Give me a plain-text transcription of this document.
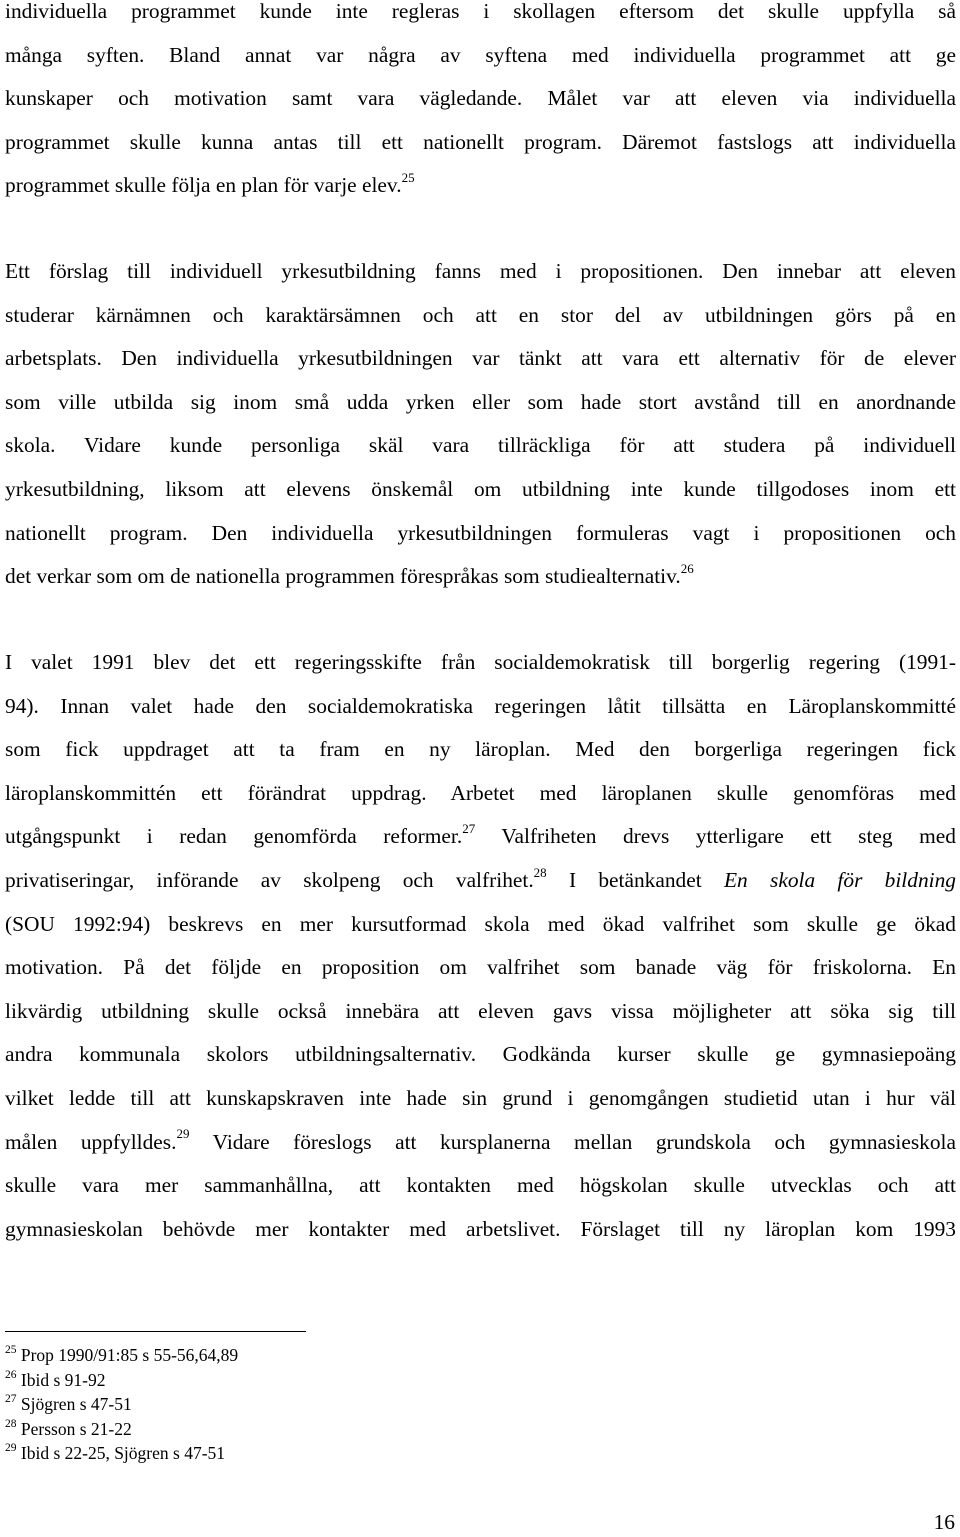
individuella programmet kunde inte regleras i skollagen eftersom det skulle uppfylla så
många syften. Bland annat var några av syftena med individuella programmet att ge
kunskaper och motivation samt vara vägledande. Målet var att eleven via individuella
programmet skulle kunna antas till ett nationellt program. Däremot fastslogs att individuella
programmet skulle följa en plan för varje elev.$^{25}$
Ett förslag till individuell yrkesutbildning fanns med i propositionen. Den innebar att eleven
studerar kärnämnen och karaktärsämnen och att en stor del av utbildningen görs på en
arbetsplats. Den individuella yrkesutbildningen var tänkt att vara ett alternativ för de elever
som ville utbilda sig inom små udda yrken eller som hade stort avstånd till en anordnande
skola. Vidare kunde personliga skäl vara tillräckliga för att studera på individuell
yrkesutbildning, liksom att elevens önskemål om utbildning inte kunde tillgodoses inom ett
nationellt program. Den individuella yrkesutbildningen formuleras vagt i propositionen och
det verkar som om de nationella programmen förespråkas som studiealternativ.$^{26}$
I valet 1991 blev det ett regeringsskifte från socialdemokratisk till borgerlig regering (1991-
94). Innan valet hade den socialdemokratiska regeringen låtit tillsätta en Läroplanskommitté
som fick uppdraget att ta fram en ny läroplan. Med den borgerliga regeringen fick
läroplanskommittén ett förändrat uppdrag. Arbetet med läroplanen skulle genomföras med
utgångspunkt i redan genomförda reformer.$^{27}$ Valfriheten drevs ytterligare ett steg med
privatiseringar, införande av skolpeng och valfrihet.$^{28}$ I betänkandet En skola för bildning
(SOU 1992:94) beskrevs en mer kursutformad skola med ökad valfrihet som skulle ge ökad
motivation. På det följde en proposition om valfrihet som banade väg för friskolorna. En
likvärdig utbildning skulle också innebära att eleven gavs vissa möjligheter att söka sig till
andra kommunala skolors utbildningsalternativ. Godkända kurser skulle ge gymnasiepoäng
vilket ledde till att kunskapskraven inte hade sin grund i genomgången studietid utan i hur väl
målen uppfylldes.$^{29}$ Vidare föreslogs att kursplanerna mellan grundskola och gymnasieskola
skulle vara mer sammanhållna, att kontakten med högskolan skulle utvecklas och att
gymnasieskolan behövde mer kontakter med arbetslivet. Förslaget till ny läroplan kom 1993
$^{25}$ Prop 1990/91:85 s 55-56,64,89
$^{26}$ Ibid s 91-92
$^{27}$ Sjögren s 47-51
$^{28}$ Persson s 21-22
$^{29}$ Ibid s 22-25, Sjögren s 47-51
16
